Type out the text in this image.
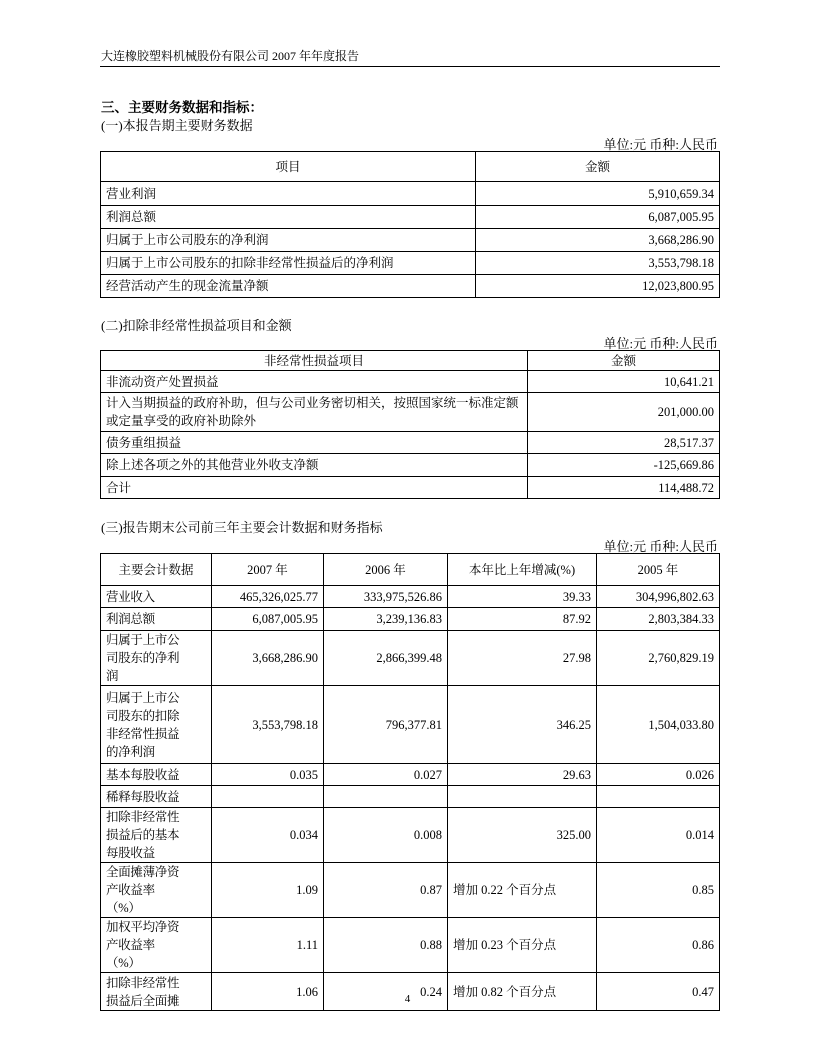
大连橡胶塑料机械股份有限公司 2007 年年度报告
三、主要财务数据和指标：
(一)本报告期主要财务数据
单位:元 币种:人民币
项目	金额
营业利润	5,910,659.34
利润总额	6,087,005.95
归属于上市公司股东的净利润	3,668,286.90
归属于上市公司股东的扣除非经常性损益后的净利润	3,553,798.18
经营活动产生的现金流量净额	12,023,800.95
(二)扣除非经常性损益项目和金额
单位:元 币种:人民币
非经常性损益项目	金额
非流动资产处置损益	10,641.21
计入当期损益的政府补助，但与公司业务密切相关，按照国家统一标准定额或定量享受的政府补助除外	201,000.00
债务重组损益	28,517.37
除上述各项之外的其他营业外收支净额	-125,669.86
合计	114,488.72
(三)报告期末公司前三年主要会计数据和财务指标
单位:元 币种:人民币
主要会计数据	2007 年	2006 年	本年比上年增减(%)	2005 年
营业收入	465,326,025.77	333,975,526.86	39.33	304,996,802.63
利润总额	6,087,005.95	3,239,136.83	87.92	2,803,384.33
归属于上市公司股东的净利润	3,668,286.90	2,866,399.48	27.98	2,760,829.19
归属于上市公司股东的扣除非经常性损益的净利润	3,553,798.18	796,377.81	346.25	1,504,033.80
基本每股收益	0.035	0.027	29.63	0.026
稀释每股收益				
扣除非经常性损益后的基本每股收益	0.034	0.008	325.00	0.014
全面摊薄净资产收益率（%）	1.09	0.87	增加 0.22 个百分点	0.85
加权平均净资产收益率（%）	1.11	0.88	增加 0.23 个百分点	0.86
扣除非经常性损益后全面摊	1.06	0.24	增加 0.82 个百分点	0.47
4
